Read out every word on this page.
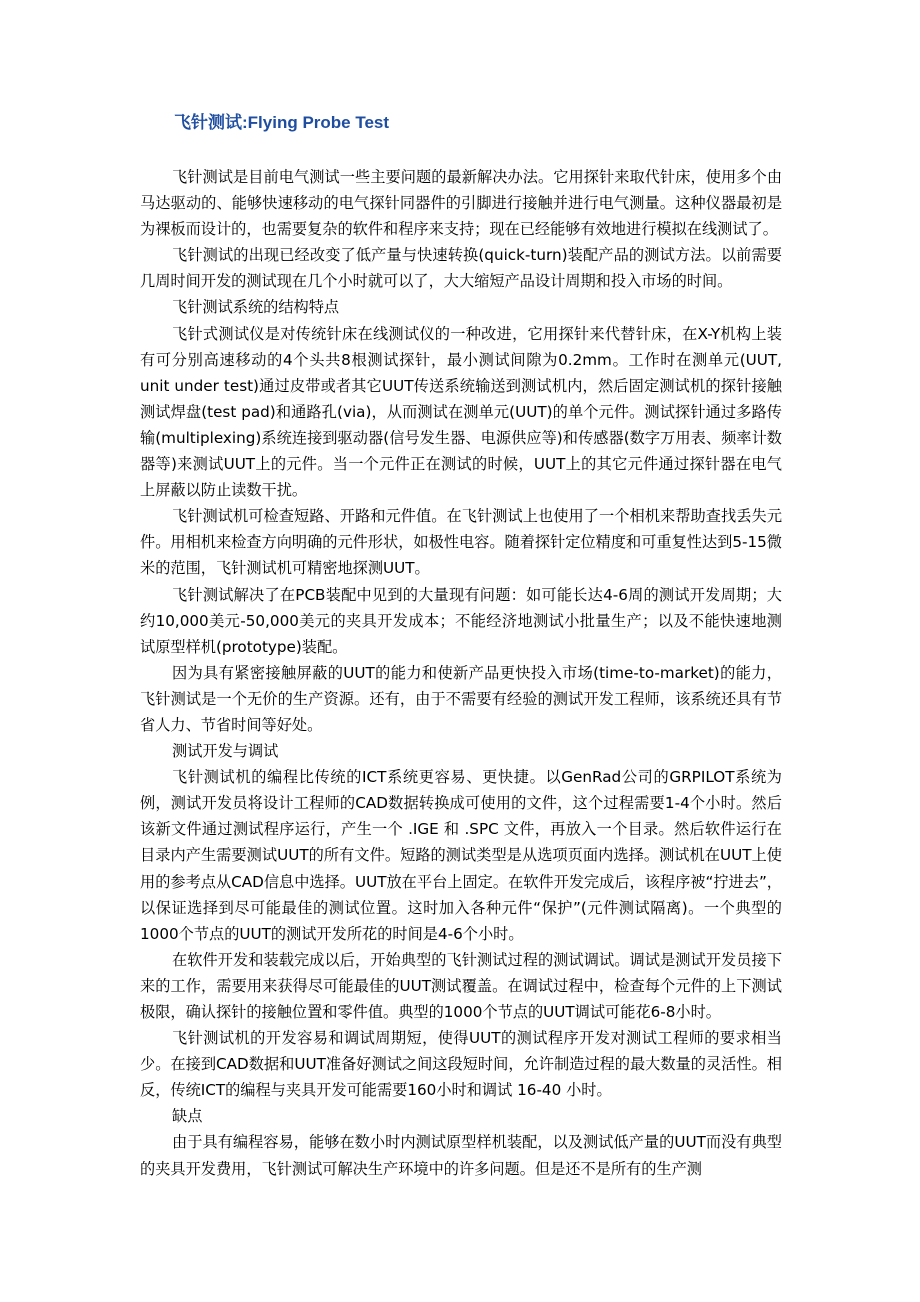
飞针测试:Flying Probe Test

飞针测试是目前电气测试一些主要问题的最新解决办法。它用探针来取代针床，使用多个由马达驱动的、能够快速移动的电气探针同器件的引脚进行接触并进行电气测量。这种仪器最初是为裸板而设计的，也需要复杂的软件和程序来支持；现在已经能够有效地进行模拟在线测试了。

飞针测试的出现已经改变了低产量与快速转换(quick-turn)装配产品的测试方法。以前需要几周时间开发的测试现在几个小时就可以了，大大缩短产品设计周期和投入市场的时间。

飞针测试系统的结构特点

飞针式测试仪是对传统针床在线测试仪的一种改进，它用探针来代替针床，在X-Y机构上装有可分别高速移动的4个头共8根测试探针，最小测试间隙为0.2mm。工作时在测单元(UUT, unit under test)通过皮带或者其它UUT传送系统输送到测试机内，然后固定测试机的探针接触测试焊盘(test pad)和通路孔(via)，从而测试在测单元(UUT)的单个元件。测试探针通过多路传输(multiplexing)系统连接到驱动器(信号发生器、电源供应等)和传感器(数字万用表、频率计数器等)来测试UUT上的元件。当一个元件正在测试的时候，UUT上的其它元件通过探针器在电气上屏蔽以防止读数干扰。

飞针测试机可检查短路、开路和元件值。在飞针测试上也使用了一个相机来帮助查找丢失元件。用相机来检查方向明确的元件形状，如极性电容。随着探针定位精度和可重复性达到5-15微米的范围，飞针测试机可精密地探测UUT。

飞针测试解决了在PCB装配中见到的大量现有问题：如可能长达4-6周的测试开发周期；大约10,000美元-50,000美元的夹具开发成本；不能经济地测试小批量生产；以及不能快速地测试原型样机(prototype)装配。

因为具有紧密接触屏蔽的UUT的能力和使新产品更快投入市场(time-to-market)的能力，飞针测试是一个无价的生产资源。还有，由于不需要有经验的测试开发工程师，该系统还具有节省人力、节省时间等好处。

测试开发与调试

飞针测试机的编程比传统的ICT系统更容易、更快捷。以GenRad公司的GRPILOT系统为例，测试开发员将设计工程师的CAD数据转换成可使用的文件，这个过程需要1-4个小时。然后该新文件通过测试程序运行，产生一个 .IGE 和 .SPC 文件，再放入一个目录。然后软件运行在目录内产生需要测试UUT的所有文件。短路的测试类型是从选项页面内选择。测试机在UUT上使用的参考点从CAD信息中选择。UUT放在平台上固定。在软件开发完成后，该程序被“拧进去”，以保证选择到尽可能最佳的测试位置。这时加入各种元件“保护”(元件测试隔离)。一个典型的1000个节点的UUT的测试开发所花的时间是4-6个小时。

在软件开发和装载完成以后，开始典型的飞针测试过程的测试调试。调试是测试开发员接下来的工作，需要用来获得尽可能最佳的UUT测试覆盖。在调试过程中，检查每个元件的上下测试极限，确认探针的接触位置和零件值。典型的1000个节点的UUT调试可能花6-8小时。

飞针测试机的开发容易和调试周期短，使得UUT的测试程序开发对测试工程师的要求相当少。在接到CAD数据和UUT准备好测试之间这段短时间，允许制造过程的最大数量的灵活性。相反，传统ICT的编程与夹具开发可能需要160小时和调试 16-40 小时。

缺点

由于具有编程容易，能够在数小时内测试原型样机装配，以及测试低产量的UUT而没有典型的夹具开发费用，飞针测试可解决生产环境中的许多问题。但是还不是所有的生产测
